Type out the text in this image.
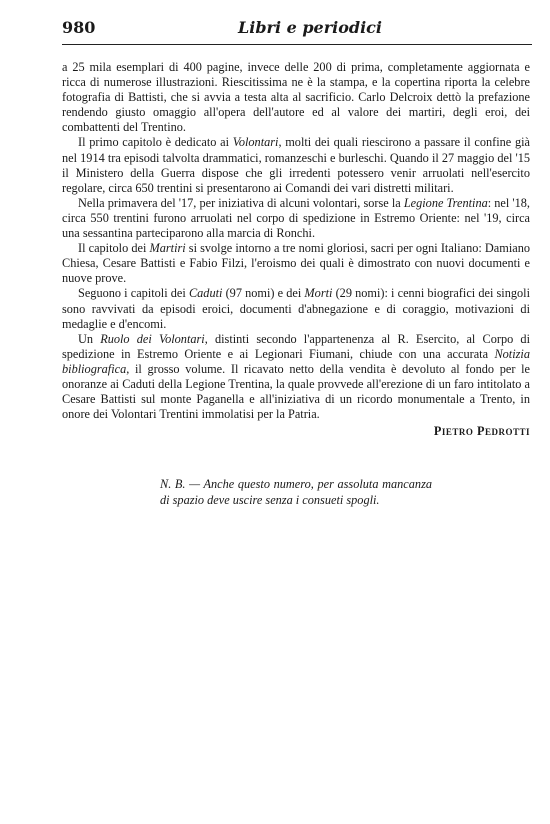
980	Libri e periodici

a 25 mila esemplari di 400 pagine, invece delle 200 di prima, completamente aggiornata e ricca di numerose illustrazioni. Riescitissima ne è la stampa, e la copertina riporta la celebre fotografia di Battisti, che si avvia a testa alta al sacrificio. Carlo Delcroix dettò la prefazione rendendo giusto omaggio all'opera dell'autore ed al valore dei martiri, degli eroi, dei combattenti del Trentino.

Il primo capitolo è dedicato ai Volontari, molti dei quali riescirono a passare il confine già nel 1914 tra episodi talvolta drammatici, romanzeschi e burleschi. Quando il 27 maggio del '15 il Ministero della Guerra dispose che gli irredenti potessero venir arruolati nell'esercito regolare, circa 650 trentini si presentarono ai Comandi dei vari distretti militari.

Nella primavera del '17, per iniziativa di alcuni volontari, sorse la Legione Trentina: nel '18, circa 550 trentini furono arruolati nel corpo di spedizione in Estremo Oriente: nel '19, circa una sessantina parteciparono alla marcia di Ronchi.

Il capitolo dei Martiri si svolge intorno a tre nomi gloriosi, sacri per ogni Italiano: Damiano Chiesa, Cesare Battisti e Fabio Filzi, l'eroismo dei quali è dimostrato con nuovi documenti e nuove prove.

Seguono i capitoli dei Caduti (97 nomi) e dei Morti (29 nomi): i cenni biografici dei singoli sono ravvivati da episodi eroici, documenti d'abnegazione e di coraggio, motivazioni di medaglie e d'encomi.

Un Ruolo dei Volontari, distinti secondo l'appartenenza al R. Esercito, al Corpo di spedizione in Estremo Oriente e ai Legionari Fiumani, chiude con una accurata Notizia bibliografica, il grosso volume. Il ricavato netto della vendita è devoluto al fondo per le onoranze ai Caduti della Legione Trentina, la quale provvede all'erezione di un faro intitolato a Cesare Battisti sul monte Paganella e all'iniziativa di un ricordo monumentale a Trento, in onore dei Volontari Trentini immolatisi per la Patria.

Pietro Pedrotti

N. B. — Anche questo numero, per assoluta mancanza di spazio deve uscire senza i consueti spogli.
